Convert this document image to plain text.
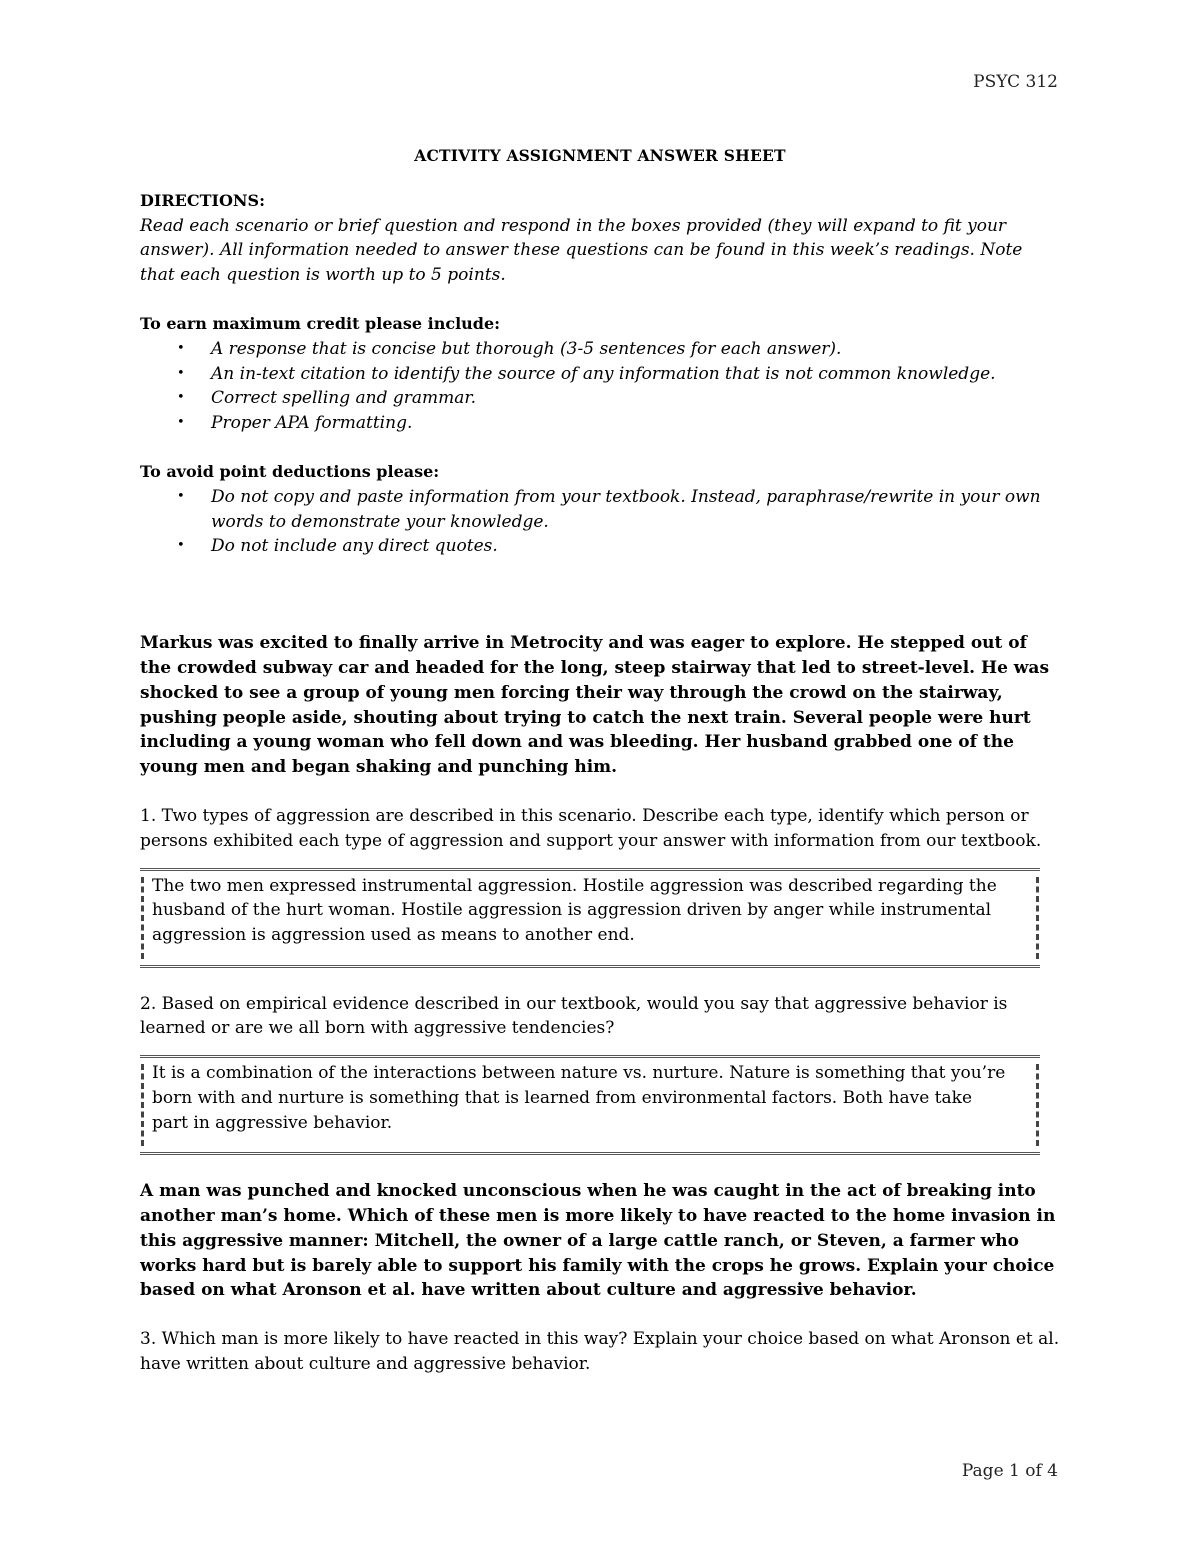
PSYC 312
ACTIVITY ASSIGNMENT ANSWER SHEET
DIRECTIONS:

Read each scenario or brief question and respond in the boxes provided (they will expand to fit your answer). All information needed to answer these questions can be found in this week’s readings. Note that each question is worth up to 5 points.

To earn maximum credit please include:
• A response that is concise but thorough (3-5 sentences for each answer).
• An in-text citation to identify the source of any information that is not common knowledge.
• Correct spelling and grammar.
• Proper APA formatting.
To avoid point deductions please:
• Do not copy and paste information from your textbook. Instead, paraphrase/rewrite in your own words to demonstrate your knowledge.
• Do not include any direct quotes.

Markus was excited to finally arrive in Metrocity and was eager to explore. He stepped out of the crowded subway car and headed for the long, steep stairway that led to street-level. He was shocked to see a group of young men forcing their way through the crowd on the stairway, pushing people aside, shouting about trying to catch the next train. Several people were hurt including a young woman who fell down and was bleeding. Her husband grabbed one of the young men and began shaking and punching him.

1. Two types of aggression are described in this scenario. Describe each type, identify which person or persons exhibited each type of aggression and support your answer with information from our textbook.

The two men expressed instrumental aggression. Hostile aggression was described regarding the husband of the hurt woman. Hostile aggression is aggression driven by anger while instrumental aggression is aggression used as means to another end.

2. Based on empirical evidence described in our textbook, would you say that aggressive behavior is learned or are we all born with aggressive tendencies?

It is a combination of the interactions between nature vs. nurture. Nature is something that you’re born with and nurture is something that is learned from environmental factors. Both have take part in aggressive behavior.

A man was punched and knocked unconscious when he was caught in the act of breaking into another man’s home. Which of these men is more likely to have reacted to the home invasion in this aggressive manner: Mitchell, the owner of a large cattle ranch, or Steven, a farmer who works hard but is barely able to support his family with the crops he grows. Explain your choice based on what Aronson et al. have written about culture and aggressive behavior.

3. Which man is more likely to have reacted in this way? Explain your choice based on what Aronson et al. have written about culture and aggressive behavior.

Page 1 of 4
